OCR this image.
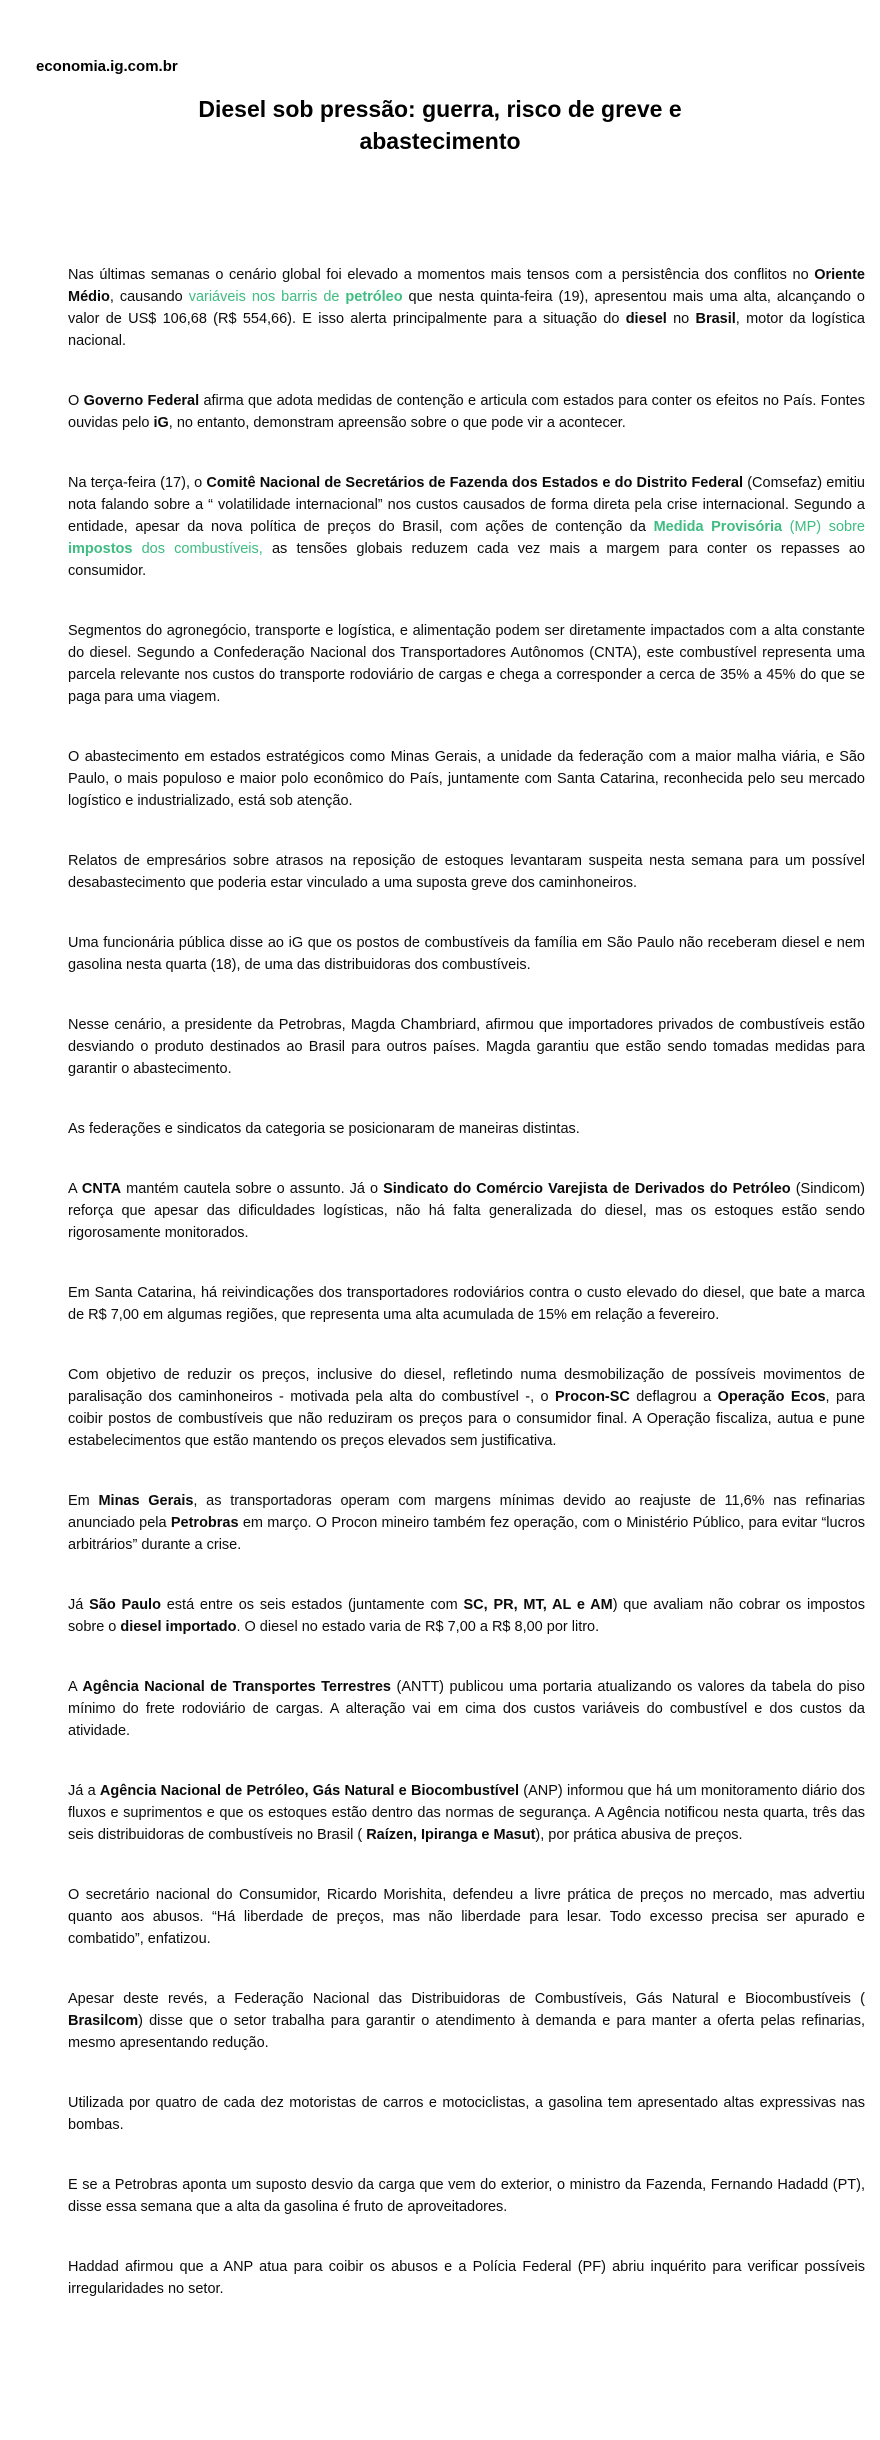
economia.ig.com.br
Diesel sob pressão: guerra, risco de greve e abastecimento

Nas últimas semanas o cenário global foi elevado a momentos mais tensos com a persistência dos conflitos no Oriente Médio, causando variáveis nos barris de petróleo que nesta quinta-feira (19), apresentou mais uma alta, alcançando o valor de US$ 106,68 (R$ 554,66). E isso alerta principalmente para a situação do diesel no Brasil, motor da logística nacional.

O Governo Federal afirma que adota medidas de contenção e articula com estados para conter os efeitos no País. Fontes ouvidas pelo iG, no entanto, demonstram apreensão sobre o que pode vir a acontecer.

Na terça-feira (17), o Comitê Nacional de Secretários de Fazenda dos Estados e do Distrito Federal (Comsefaz) emitiu nota falando sobre a “ volatilidade internacional” nos custos causados de forma direta pela crise internacional. Segundo a entidade, apesar da nova política de preços do Brasil, com ações de contenção da Medida Provisória (MP) sobre impostos dos combustíveis, as tensões globais reduzem cada vez mais a margem para conter os repasses ao consumidor.

Segmentos do agronegócio, transporte e logística, e alimentação podem ser diretamente impactados com a alta constante do diesel. Segundo a Confederação Nacional dos Transportadores Autônomos (CNTA), este combustível representa uma parcela relevante nos custos do transporte rodoviário de cargas e chega a corresponder a cerca de 35% a 45% do que se paga para uma viagem.

O abastecimento em estados estratégicos como Minas Gerais, a unidade da federação com a maior malha viária, e São Paulo, o mais populoso e maior polo econômico do País, juntamente com Santa Catarina, reconhecida pelo seu mercado logístico e industrializado, está sob atenção.

Relatos de empresários sobre atrasos na reposição de estoques levantaram suspeita nesta semana para um possível desabastecimento que poderia estar vinculado a uma suposta greve dos caminhoneiros.

Uma funcionária pública disse ao iG que os postos de combustíveis da família em São Paulo não receberam diesel e nem gasolina nesta quarta (18), de uma das distribuidoras dos combustíveis.

Nesse cenário, a presidente da Petrobras, Magda Chambriard, afirmou que importadores privados de combustíveis estão desviando o produto destinados ao Brasil para outros países. Magda garantiu que estão sendo tomadas medidas para garantir o abastecimento.

As federações e sindicatos da categoria se posicionaram de maneiras distintas.

A CNTA mantém cautela sobre o assunto. Já o Sindicato do Comércio Varejista de Derivados do Petróleo (Sindicom) reforça que apesar das dificuldades logísticas, não há falta generalizada do diesel, mas os estoques estão sendo rigorosamente monitorados.

Em Santa Catarina, há reivindicações dos transportadores rodoviários contra o custo elevado do diesel, que bate a marca de R$ 7,00 em algumas regiões, que representa uma alta acumulada de 15% em relação a fevereiro.

Com objetivo de reduzir os preços, inclusive do diesel, refletindo numa desmobilização de possíveis movimentos de paralisação dos caminhoneiros - motivada pela alta do combustível -, o Procon-SC deflagrou a Operação Ecos, para coibir postos de combustíveis que não reduziram os preços para o consumidor final. A Operação fiscaliza, autua e pune estabelecimentos que estão mantendo os preços elevados sem justificativa.

Em Minas Gerais, as transportadoras operam com margens mínimas devido ao reajuste de 11,6% nas refinarias anunciado pela Petrobras em março. O Procon mineiro também fez operação, com o Ministério Público, para evitar “lucros arbitrários” durante a crise.

Já São Paulo está entre os seis estados (juntamente com SC, PR, MT, AL e AM) que avaliam não cobrar os impostos sobre o diesel importado. O diesel no estado varia de R$ 7,00 a R$ 8,00 por litro.

A Agência Nacional de Transportes Terrestres (ANTT) publicou uma portaria atualizando os valores da tabela do piso mínimo do frete rodoviário de cargas. A alteração vai em cima dos custos variáveis do combustível e dos custos da atividade.

Já a Agência Nacional de Petróleo, Gás Natural e Biocombustível (ANP) informou que há um monitoramento diário dos fluxos e suprimentos e que os estoques estão dentro das normas de segurança. A Agência notificou nesta quarta, três das seis distribuidoras de combustíveis no Brasil ( Raízen, Ipiranga e Masut), por prática abusiva de preços.

O secretário nacional do Consumidor, Ricardo Morishita, defendeu a livre prática de preços no mercado, mas advertiu quanto aos abusos. “Há liberdade de preços, mas não liberdade para lesar. Todo excesso precisa ser apurado e combatido”, enfatizou.

Apesar deste revés, a Federação Nacional das Distribuidoras de Combustíveis, Gás Natural e Biocombustíveis ( Brasilcom) disse que o setor trabalha para garantir o atendimento à demanda e para manter a oferta pelas refinarias, mesmo apresentando redução.

Utilizada por quatro de cada dez motoristas de carros e motociclistas, a gasolina tem apresentado altas expressivas nas bombas.

E se a Petrobras aponta um suposto desvio da carga que vem do exterior, o ministro da Fazenda, Fernando Hadadd (PT), disse essa semana que a alta da gasolina é fruto de aproveitadores.

Haddad afirmou que a ANP atua para coibir os abusos e a Polícia Federal (PF) abriu inquérito para verificar possíveis irregularidades no setor.
